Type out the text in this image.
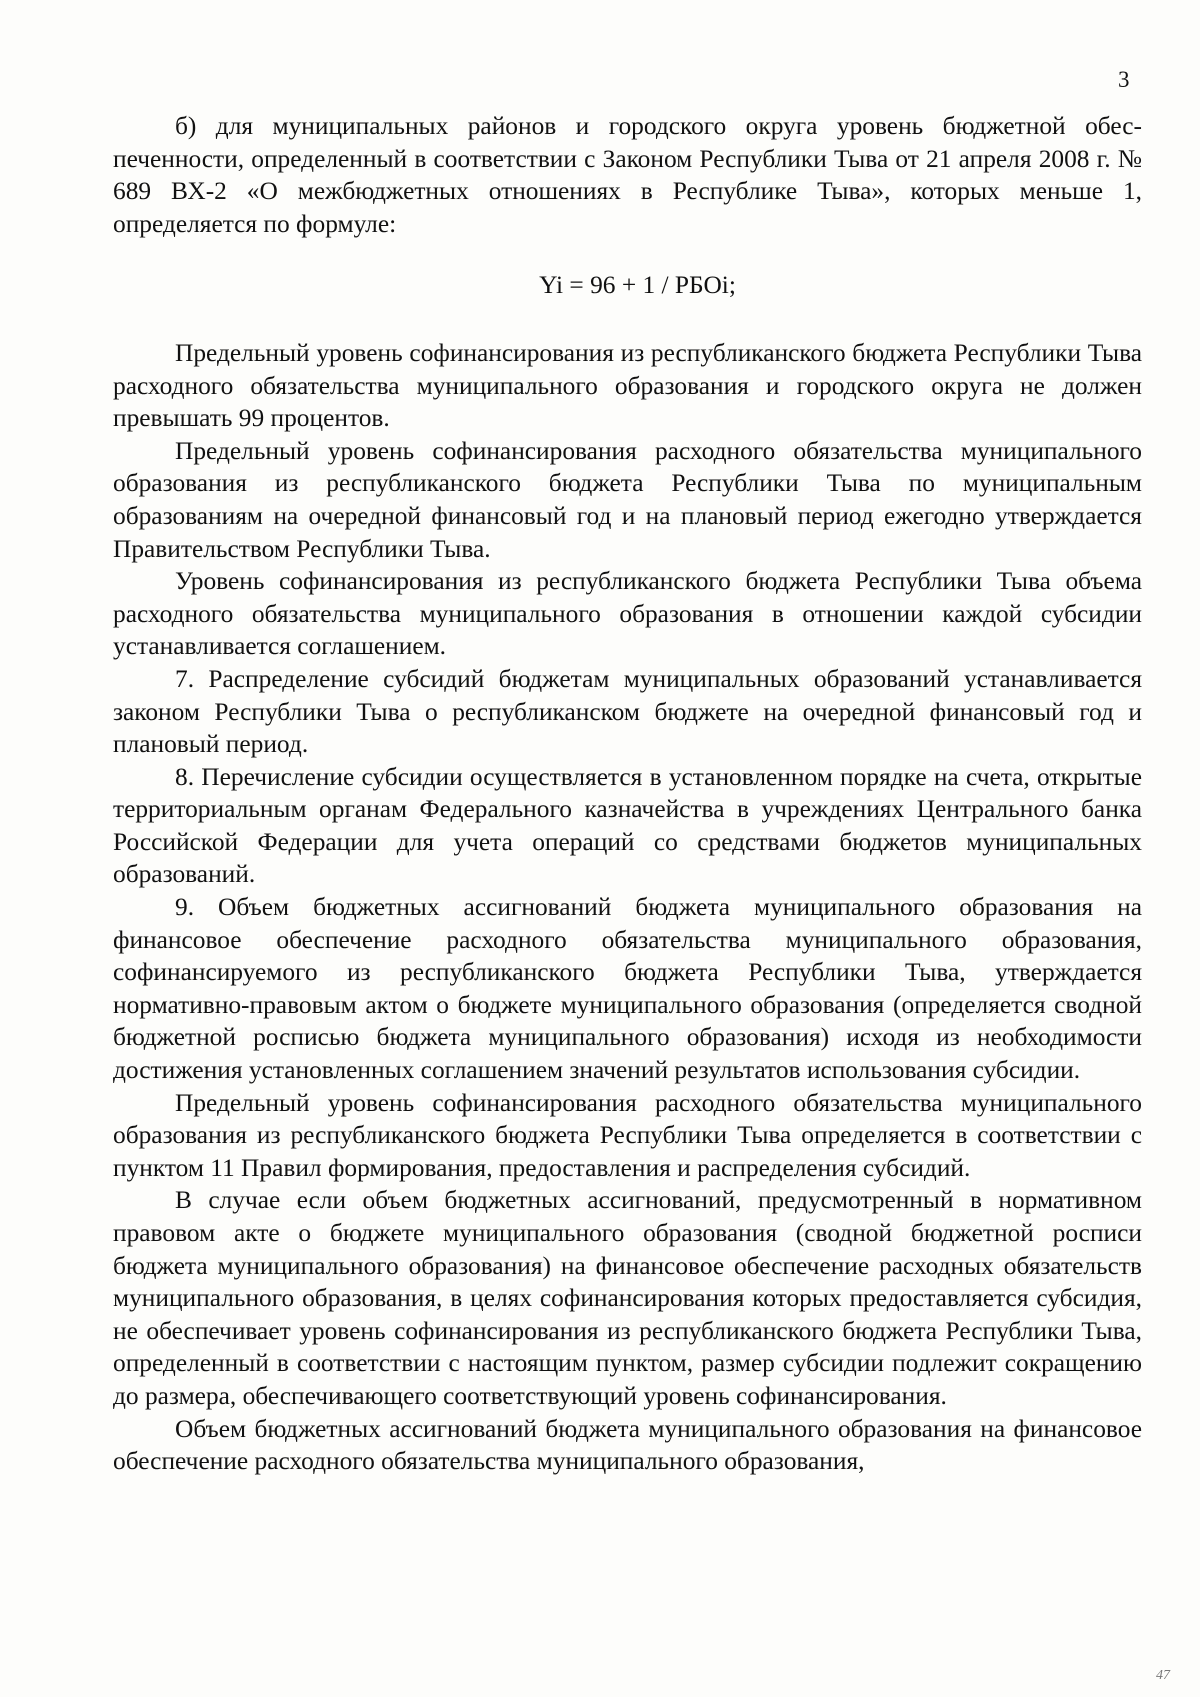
3

б) для муниципальных районов и городского округа уровень бюджетной обеспеченности, определенный в соответствии с Законом Республики Тыва от 21 апреля 2008 г. № 689 ВХ-2 «О межбюджетных отношениях в Республике Тыва», которых меньше 1, определяется по формуле:

Yi = 96 + 1 / РБОi;

Предельный уровень софинансирования из республиканского бюджета Республики Тыва расходного обязательства муниципального образования и городского округа не должен превышать 99 процентов.

Предельный уровень софинансирования расходного обязательства муниципального образования из республиканского бюджета Республики Тыва по муниципальным образованиям на очередной финансовый год и на плановый период ежегодно утверждается Правительством Республики Тыва.

Уровень софинансирования из республиканского бюджета Республики Тыва объема расходного обязательства муниципального образования в отношении каждой субсидии устанавливается соглашением.

7. Распределение субсидий бюджетам муниципальных образований устанавливается законом Республики Тыва о республиканском бюджете на очередной финансовый год и плановый период.

8. Перечисление субсидии осуществляется в установленном порядке на счета, открытые территориальным органам Федерального казначейства в учреждениях Центрального банка Российской Федерации для учета операций со средствами бюджетов муниципальных образований.

9. Объем бюджетных ассигнований бюджета муниципального образования на финансовое обеспечение расходного обязательства муниципального образования, софинансируемого из республиканского бюджета Республики Тыва, утверждается нормативно-правовым актом о бюджете муниципального образования (определяется сводной бюджетной росписью бюджета муниципального образования) исходя из необходимости достижения установленных соглашением значений результатов использования субсидии.

Предельный уровень софинансирования расходного обязательства муниципального образования из республиканского бюджета Республики Тыва определяется в соответствии с пунктом 11 Правил формирования, предоставления и распределения субсидий.

В случае если объем бюджетных ассигнований, предусмотренный в нормативном правовом акте о бюджете муниципального образования (сводной бюджетной росписи бюджета муниципального образования) на финансовое обеспечение расходных обязательств муниципального образования, в целях софинансирования которых предоставляется субсидия, не обеспечивает уровень софинансирования из республиканского бюджета Республики Тыва, определенный в соответствии с настоящим пунктом, размер субсидии подлежит сокращению до размера, обеспечивающего соответствующий уровень софинансирования.

Объем бюджетных ассигнований бюджета муниципального образования на финансовое обеспечение расходного обязательства муниципального образования,

47
